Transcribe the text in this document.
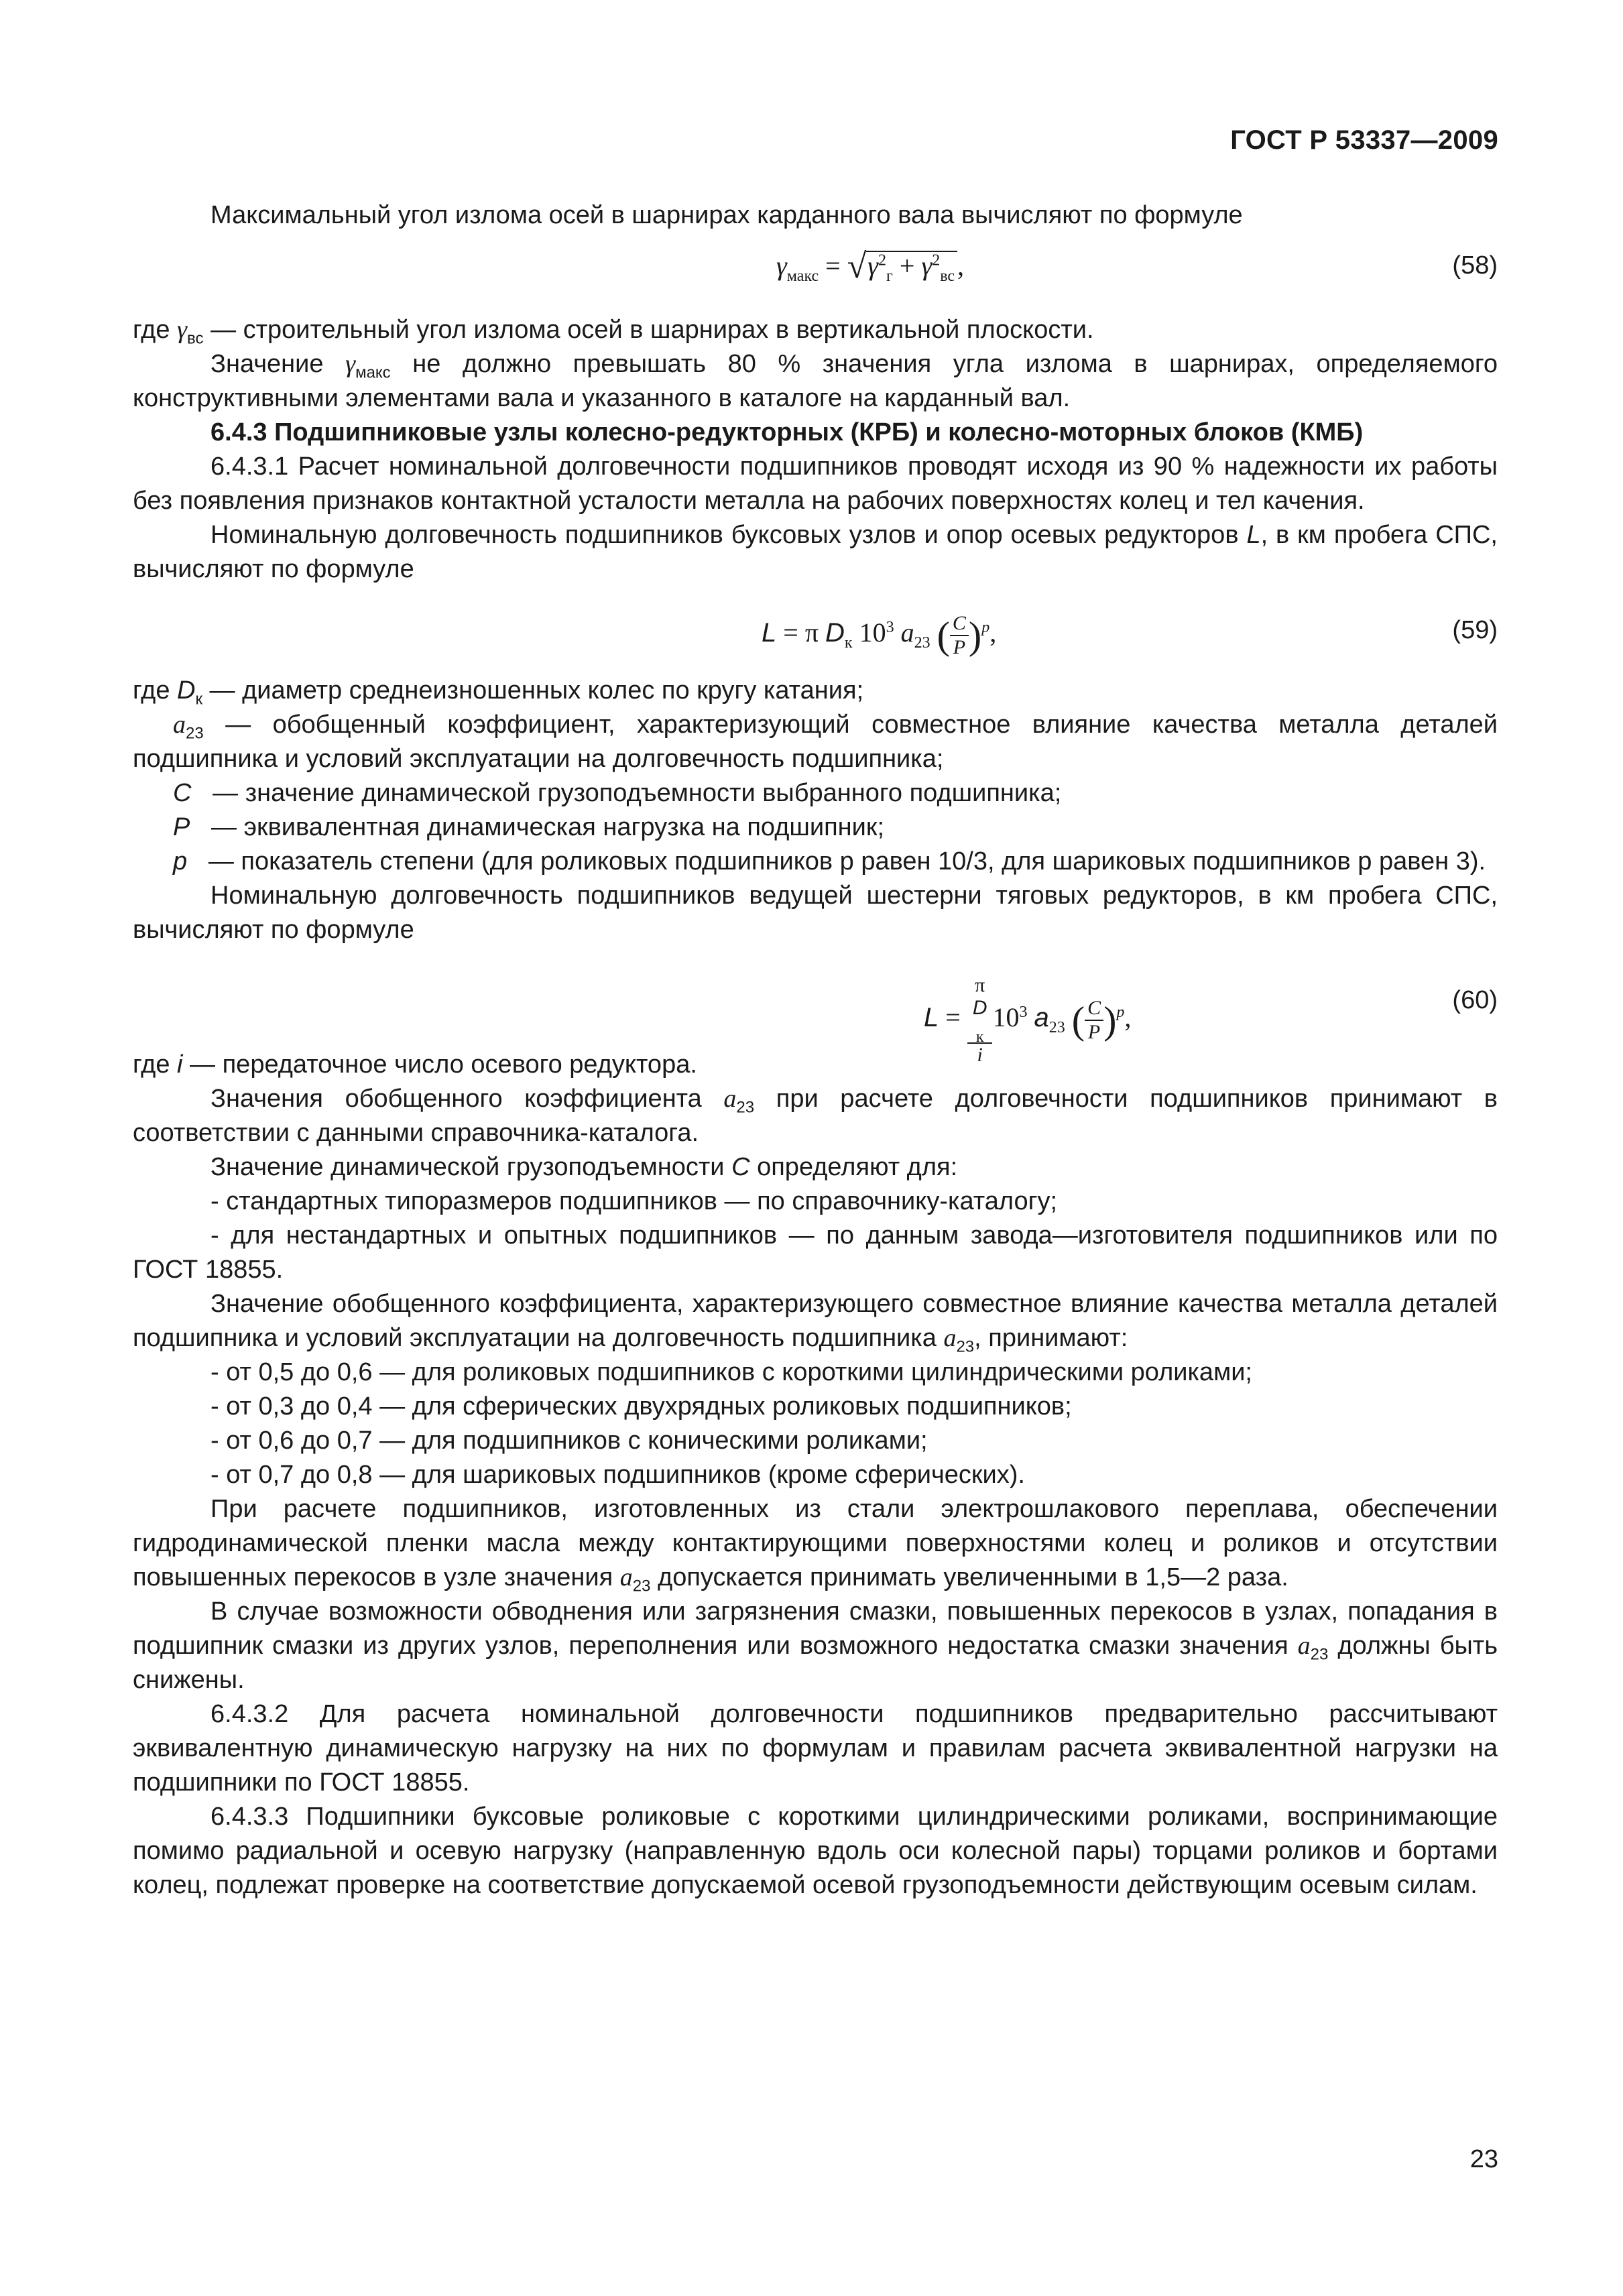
ГОСТ Р 53337—2009

Максимальный угол излома осей в шарнирах карданного вала вычисляют по формуле

$\gamma_{макс} = √\gamma^2_г + \gamma^2_{вс}$ ,	(58)

где $\gamma_{вс}$ — строительный угол излома осей в шарнирах в вертикальной плоскости.

Значение $\gamma_{макс}$ не должно превышать 80 % значения угла излома в шарнирах, определяемого конструктивными элементами вала и указанного в каталоге на карданный вал.

6.4.3 Подшипниковые узлы колесно-редукторных (КРБ) и колесно-моторных блоков (КМБ)

6.4.3.1 Расчет номинальной долговечности подшипников проводят исходя из 90 % надежности их работы без появления признаков контактной усталости металла на рабочих поверхностях колец и тел качения.

Номинальную долговечность подшипников буксовых узлов и опор осевых редукторов L, в км пробега СПС, вычисляют по формуле

L = π $D_к$ $10^3$ $a_{23}$ ( $\frac{C}{P} )^p$,	(59)

где $D_к$ — диаметр среднеизношенных колес по кругу катания;

$a_{23}$ — обобщенный коэффициент, характеризующий совместное влияние качества металла деталей подшипника и условий эксплуатации на долговечность подшипника;

C — значение динамической грузоподъемности выбранного подшипника;

P — эквивалентная динамическая нагрузка на подшипник;

p — показатель степени (для роликовых подшипников p равен 10/3, для шариковых подшипников p равен 3).

Номинальную долговечность подшипников ведущей шестерни тяговых редукторов, в км пробега СПС, вычисляют по формуле

L = π
D
$_к$
i $10^3$ $a_{23}$ ( $\frac{C}{P} )^p$,
(60)

где i — передаточное число осевого редуктора.

Значения обобщенного коэффициента $a_{23}$ при расчете долговечности подшипников принимают в соответствии с данными справочника-каталога.

Значение динамической грузоподъемности C определяют для:

- стандартных типоразмеров подшипников — по справочнику-каталогу;

- для нестандартных и опытных подшипников — по данным завода—изготовителя подшипников или по ГОСТ 18855.

Значение обобщенного коэффициента, характеризующего совместное влияние качества металла деталей подшипника и условий эксплуатации на долговечность подшипника $a_{23}$, принимают:

- от 0,5 до 0,6 — для роликовых подшипников с короткими цилиндрическими роликами;

- от 0,3 до 0,4 — для сферических двухрядных роликовых подшипников;

- от 0,6 до 0,7 — для подшипников с коническими роликами;

- от 0,7 до 0,8 — для шариковых подшипников (кроме сферических).

При расчете подшипников, изготовленных из стали электрошлакового переплава, обеспечении гидродинамической пленки масла между контактирующими поверхностями колец и роликов и отсутствии повышенных перекосов в узле значения $a_{23}$ допускается принимать увеличенными в 1,5—2 раза.

В случае возможности обводнения или загрязнения смазки, повышенных перекосов в узлах, попадания в подшипник смазки из других узлов, переполнения или возможного недостатка смазки значения $a_{23}$ должны быть снижены.

6.4.3.2 Для расчета номинальной долговечности подшипников предварительно рассчитывают эквивалентную динамическую нагрузку на них по формулам и правилам расчета эквивалентной нагрузки на подшипники по ГОСТ 18855.

6.4.3.3 Подшипники буксовые роликовые с короткими цилиндрическими роликами, воспринимающие помимо радиальной и осевую нагрузку (направленную вдоль оси колесной пары) торцами роликов и бортами колец, подлежат проверке на соответствие допускаемой осевой грузоподъемности действующим осевым силам.

23
